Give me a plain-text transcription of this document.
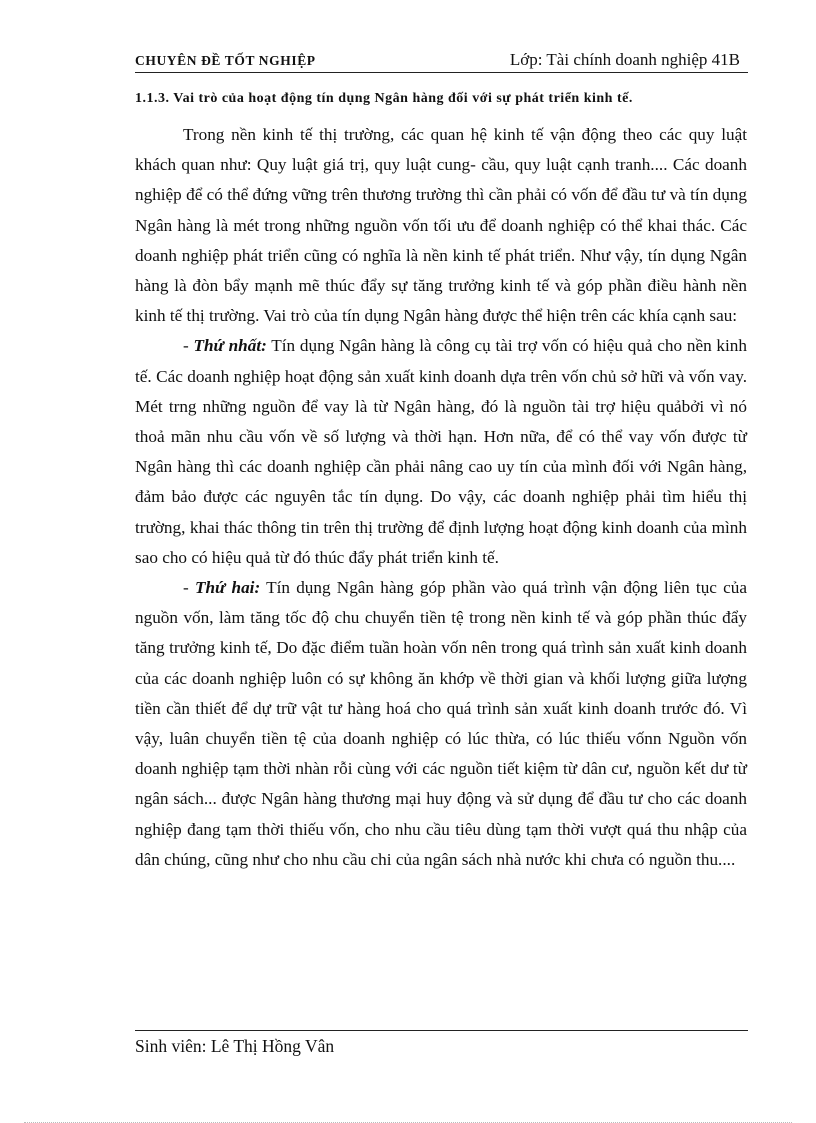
CHUYÊN ĐỀ TỐT NGHIỆP	Lớp: Tài chính doanh nghiệp 41B
1.1.3. Vai trò của hoạt động tín dụng Ngân hàng đối với sự phát triển kinh tế.

Trong nền kinh tế thị trường, các quan hệ kinh tế vận động theo các quy luật khách quan như: Quy luật giá trị, quy luật cung- cầu, quy luật cạnh tranh.... Các doanh nghiệp để có thể đứng vững trên thương trường thì cần phải có vốn để đầu tư và tín dụng Ngân hàng là mét trong những nguồn vốn tối ưu để doanh nghiệp có thể khai thác. Các doanh nghiệp phát triển cũng có nghĩa là nền kinh tế phát triển. Như vậy, tín dụng Ngân hàng là đòn bẩy mạnh mẽ thúc đẩy sự tăng trưởng kinh tế và góp phần điều hành nền kinh tế thị trường. Vai trò của tín dụng Ngân hàng được thể hiện trên các khía cạnh sau:

- Thứ nhất: Tín dụng Ngân hàng là công cụ tài trợ vốn có hiệu quả cho nền kinh tế. Các doanh nghiệp hoạt động sản xuất kinh doanh dựa trên vốn chủ sở hữi và vốn vay. Mét trng những nguồn để vay là từ Ngân hàng, đó là nguồn tài trợ hiệu quảbởi vì nó thoả mãn nhu cầu vốn về số lượng và thời hạn. Hơn nữa, để có thể vay vốn được từ Ngân hàng thì các doanh nghiệp cần phải nâng cao uy tín của mình đối với Ngân hàng, đảm bảo được các nguyên tắc tín dụng. Do vậy, các doanh nghiệp phải tìm hiểu thị trường, khai thác thông tin trên thị trường để định lượng hoạt động kinh doanh của mình sao cho có hiệu quả từ đó thúc đẩy phát triển kinh tế.

- Thứ hai: Tín dụng Ngân hàng góp phần vào quá trình vận động liên tục của nguồn vốn, làm tăng tốc độ chu chuyển tiền tệ trong nền kinh tế và góp phần thúc đẩy tăng trưởng kinh tế, Do đặc điểm tuần hoàn vốn nên trong quá trình sản xuất kinh doanh của các doanh nghiệp luôn có sự không ăn khớp về thời gian và khối lượng giữa lượng tiền cần thiết để dự trữ vật tư hàng hoá cho quá trình sản xuất kinh doanh trước đó. Vì vậy, luân chuyển tiền tệ của doanh nghiệp có lúc thừa, có lúc thiếu vốnn Nguồn vốn doanh nghiệp tạm thời nhàn rỗi cùng với các nguồn tiết kiệm từ dân cư, nguồn kết dư từ ngân sách... được Ngân hàng thương mại huy động và sử dụng để đầu tư cho các doanh nghiệp đang tạm thời thiếu vốn, cho nhu cầu tiêu dùng tạm thời vượt quá thu nhập của dân chúng, cũng như cho nhu cầu chi của ngân sách nhà nước khi chưa có nguồn thu....

Sinh viên: Lê Thị Hồng Vân
